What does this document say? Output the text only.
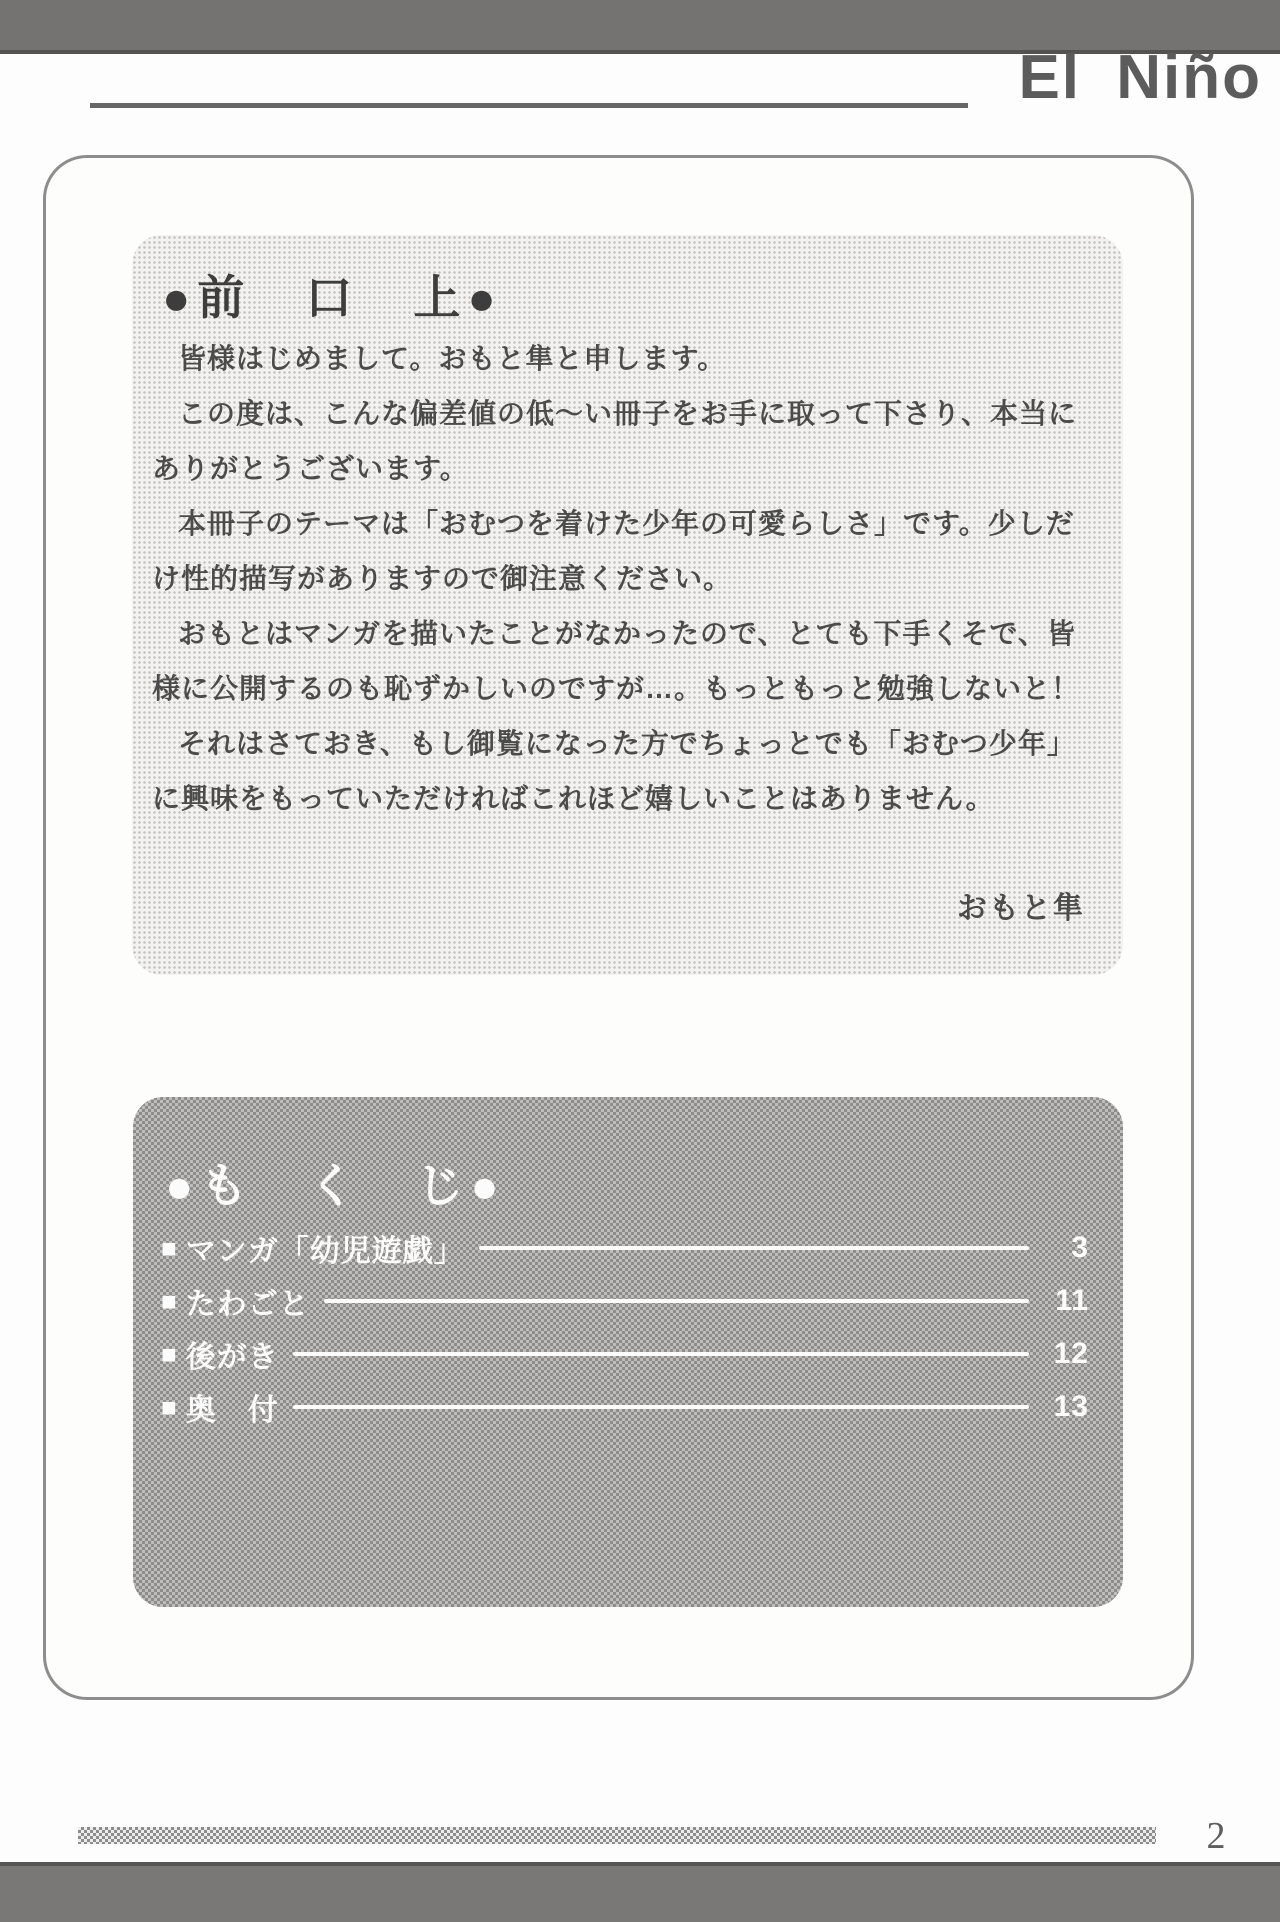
El Niño
●前　口　上●
皆様はじめまして。おもと隼と申します。
この度は、こんな偏差値の低～い冊子をお手に取って下さり、本当に
ありがとうございます。
本冊子のテーマは「おむつを着けた少年の可愛らしさ」です。少しだ
け性的描写がありますので御注意ください。
おもとはマンガを描いたことがなかったので、とても下手くそで、皆
様に公開するのも恥ずかしいのですが…。もっともっと勉強しないと！
それはさておき、もし御覧になった方でちょっとでも「おむつ少年」
に興味をもっていただければこれほど嬉しいことはありません。
おもと隼
●も　く　じ●
■ マンガ「幼児遊戯」	3
■ たわごと	11
■ 後がき	12
■ 奥　付	13
2
